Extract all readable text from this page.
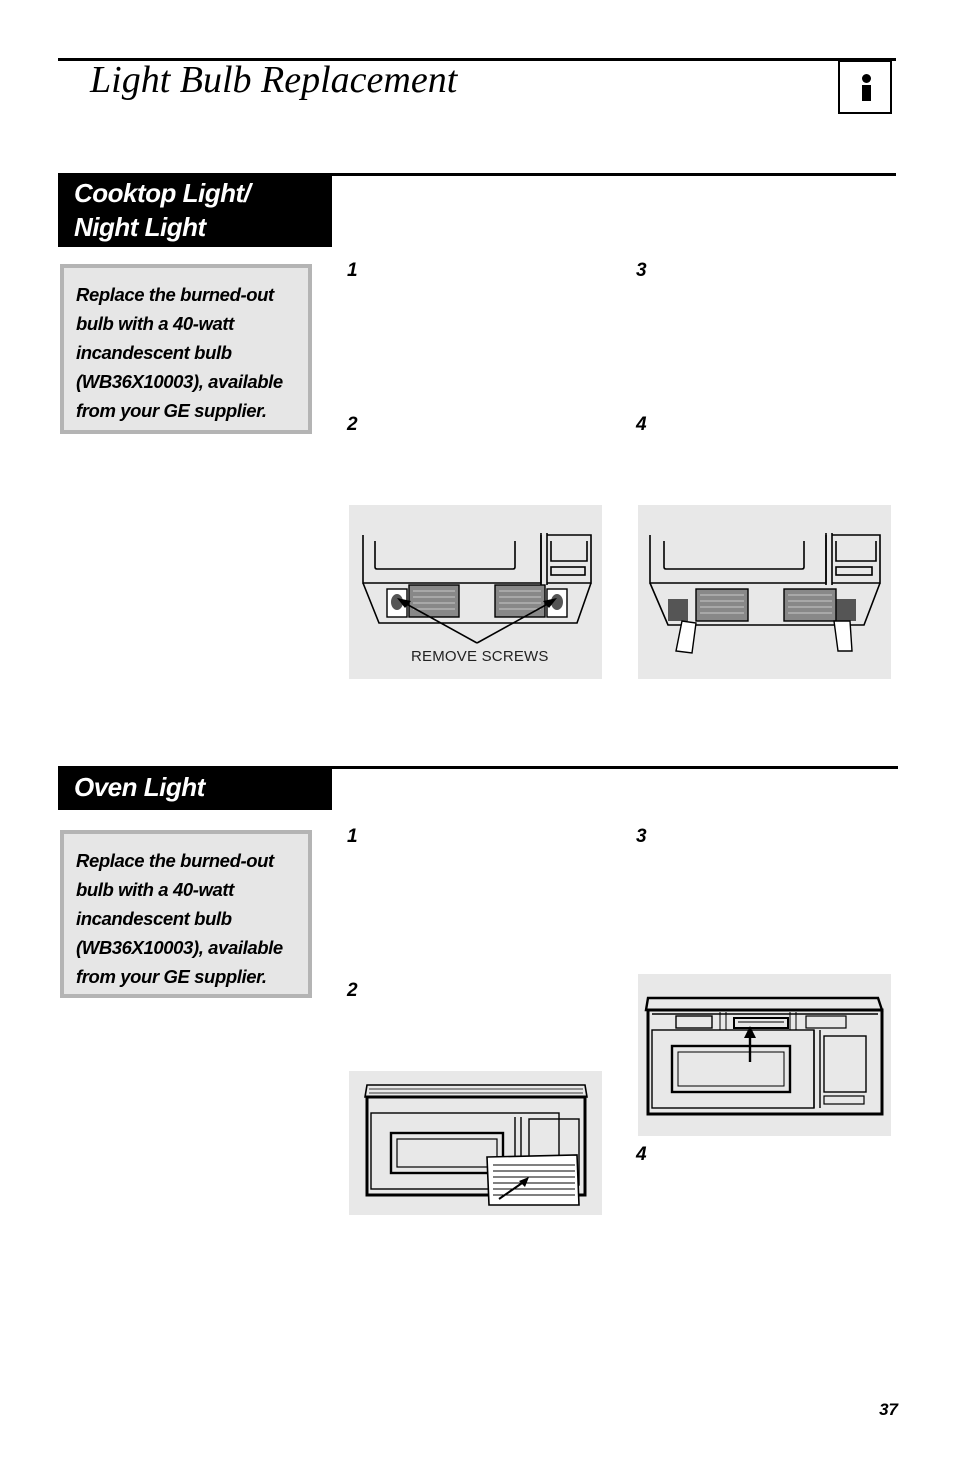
Light Bulb Replacement
Cooktop Light/
Night Light
Replace the burned-out
bulb with a 40-watt
incandescent bulb
(WB36X10003), available
from your GE supplier.
1
2
3
4
REMOVE SCREWS
Oven Light
Replace the burned-out
bulb with a 40-watt
incandescent bulb
(WB36X10003), available
from your GE supplier.
1
2
3
4
37
